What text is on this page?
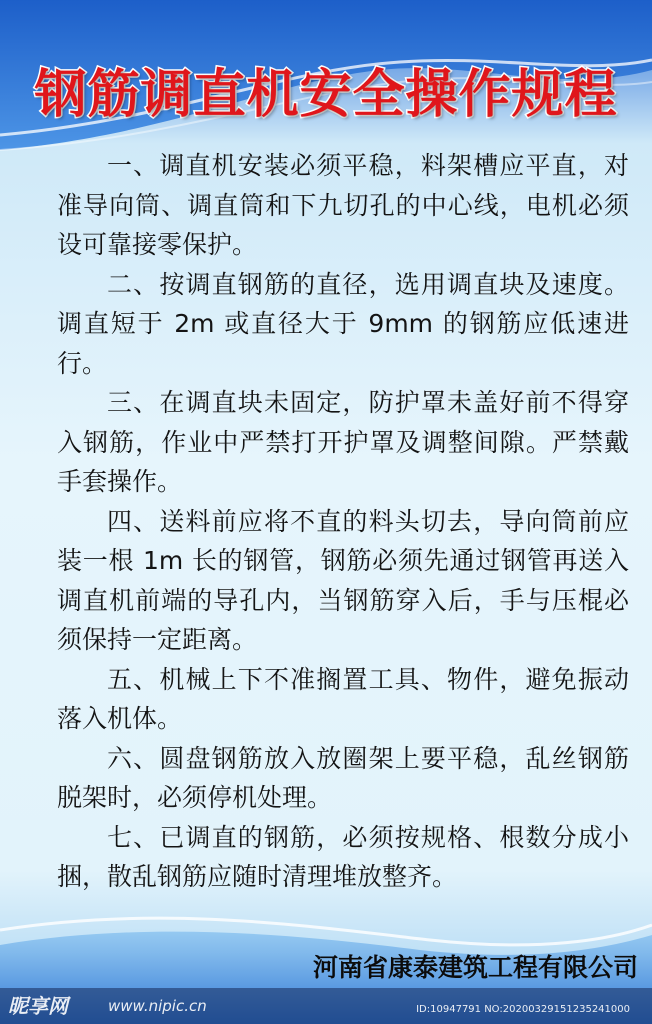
钢筋调直机安全操作规程

一、调直机安装必须平稳，料架槽应平直，对准导向筒、调直筒和下九切孔的中心线，电机必须设可靠接零保护。

二、按调直钢筋的直径，选用调直块及速度。调直短于 2m 或直径大于 9mm 的钢筋应低速进行。

三、在调直块未固定，防护罩未盖好前不得穿入钢筋，作业中严禁打开护罩及调整间隙。严禁戴手套操作。

四、送料前应将不直的料头切去，导向筒前应装一根 1m 长的钢管，钢筋必须先通过钢管再送入调直机前端的导孔内，当钢筋穿入后，手与压棍必须保持一定距离。

五、机械上下不准搁置工具、物件，避免振动落入机体。

六、圆盘钢筋放入放圈架上要平稳，乱丝钢筋脱架时，必须停机处理。

七、已调直的钢筋，必须按规格、根数分成小捆，散乱钢筋应随时清理堆放整齐。

河南省康泰建筑工程有限公司
昵享网	www.nipic.cn	ID:10947791 NO:20200329151235241000
